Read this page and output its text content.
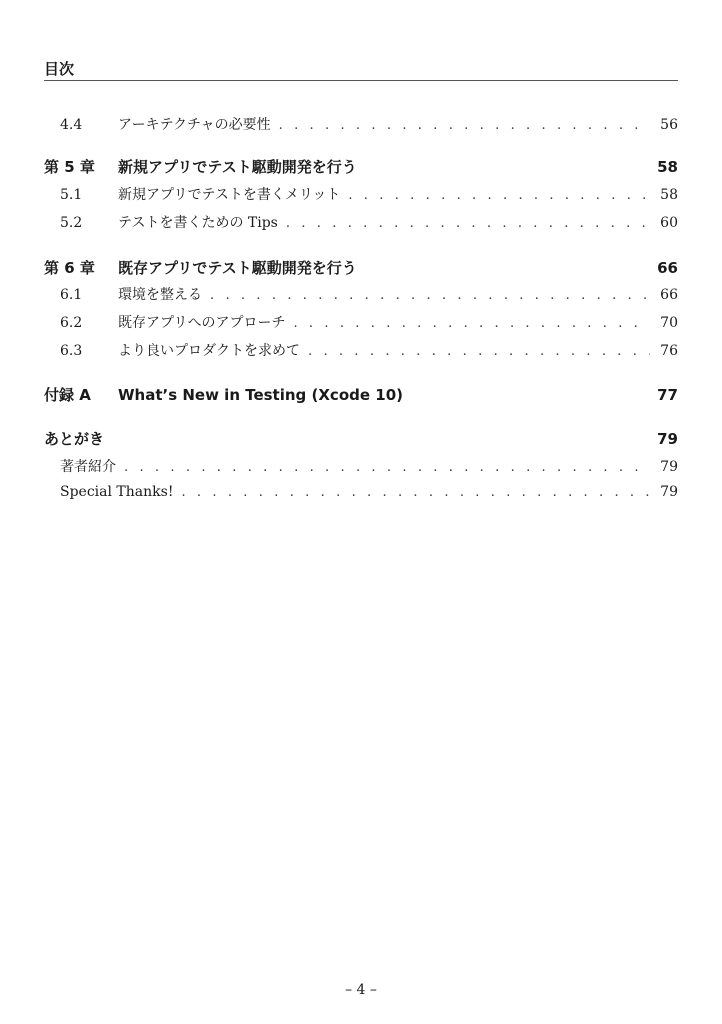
目次
4.4	アーキテクチャの必要性 . . .	56
第 5 章	新規アプリでテスト駆動開発を行う	58
5.1	新規アプリでテストを書くメリット . . .	58
5.2	テストを書くための Tips . . .	60
第 6 章	既存アプリでテスト駆動開発を行う	66
6.1	環境を整える . . .	66
6.2	既存アプリへのアプローチ . . .	70
6.3	より良いプロダクトを求めて . . .	76
付録 A	What’s New in Testing (Xcode 10)	77
あとがき	79
著者紹介 . . .	79
Special Thanks! . . .	79
– 4 –
